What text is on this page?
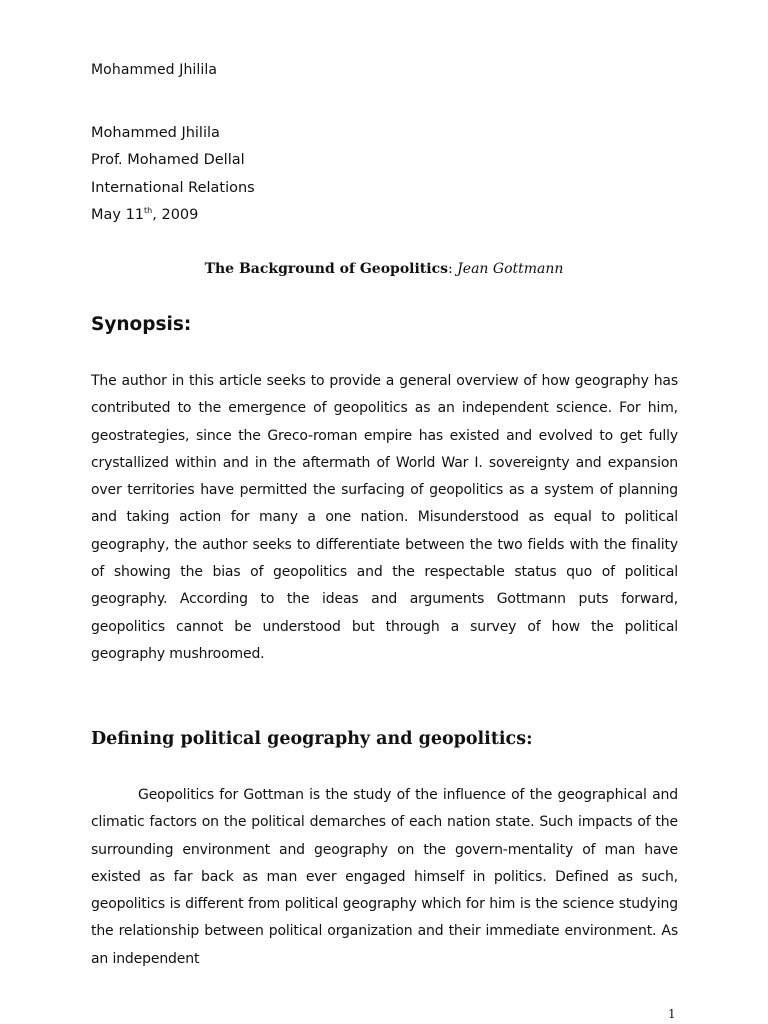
Mohammed Jhilila
Mohammed Jhilila
Prof. Mohamed Dellal
International Relations
May 11th, 2009
The Background of Geopolitics: Jean Gottmann
Synopsis:
The author in this article seeks to provide a general overview of how geography has contributed to the emergence of geopolitics as an independent science. For him, geostrategies, since the Greco-roman empire has existed and evolved to get fully crystallized within and in the aftermath of World War I. sovereignty and expansion over territories have permitted the surfacing of geopolitics as a system of planning and taking action for many a one nation. Misunderstood as equal to political geography, the author seeks to differentiate between the two fields with the finality of showing the bias of geopolitics and the respectable status quo of political geography. According to the ideas and arguments Gottmann puts forward, geopolitics cannot be understood but through a survey of how the political geography mushroomed.
Defining political geography and geopolitics:
Geopolitics for Gottman is the study of the influence of the geographical and climatic factors on the political demarches of each nation state. Such impacts of the surrounding environment and geography on the govern-mentality of man have existed as far back as man ever engaged himself in politics. Defined as such, geopolitics is different from political geography which for him is the science studying the relationship between political organization and their immediate environment. As an independent
1
